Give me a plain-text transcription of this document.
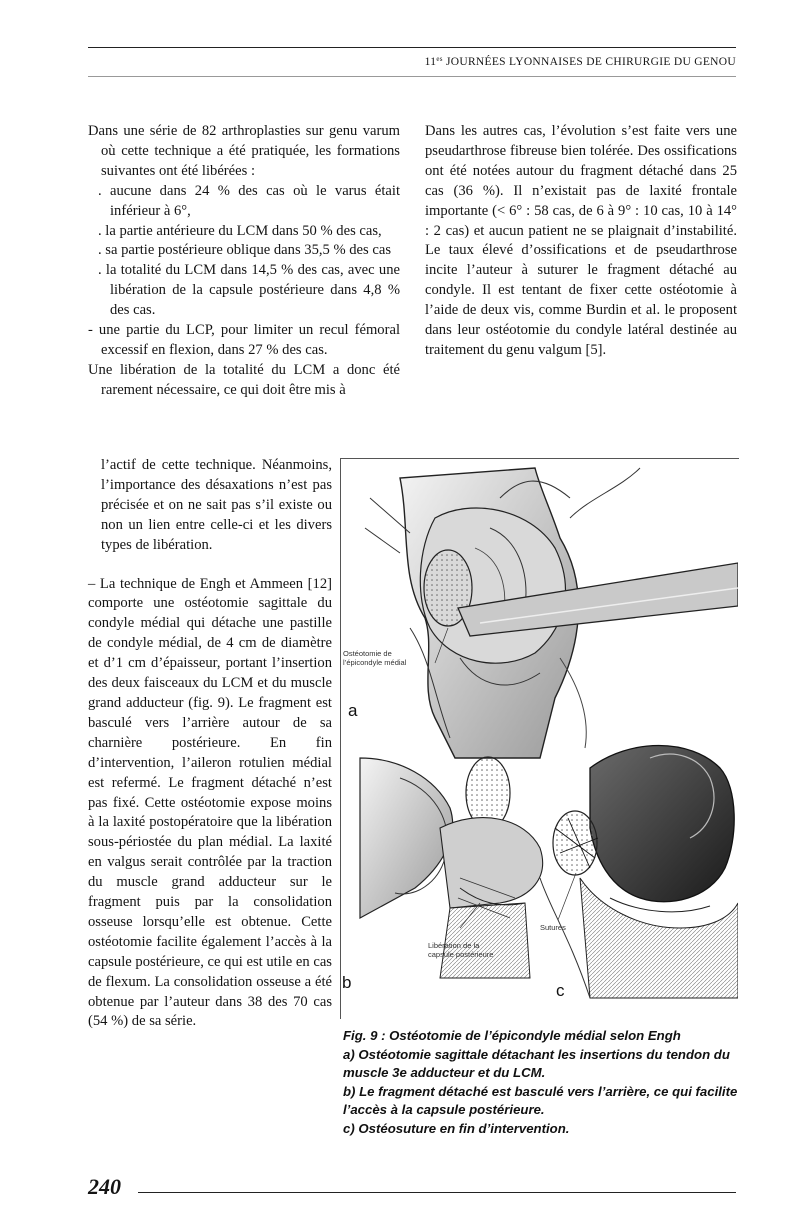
$11^{es}$ JOURNÉES LYONNAISES DE CHIRURGIE DU GENOU

Dans une série de 82 arthroplasties sur genu varum où cette technique a été pratiquée, les formations suivantes ont été libérées :

. aucune dans 24 % des cas où le varus était inférieur à 6°,

. la partie antérieure du LCM dans 50 % des cas,

. sa partie postérieure oblique dans 35,5 % des cas

. la totalité du LCM dans 14,5 % des cas, avec une libération de la capsule postérieure dans 4,8 % des cas.

- une partie du LCP, pour limiter un recul fémoral excessif en flexion, dans 27 % des cas.

Une libération de la totalité du LCM a donc été rarement nécessaire, ce qui doit être mis à

l’actif de cette technique. Néanmoins, l’importance des désaxations n’est pas précisée et on ne sait pas s’il existe ou non un lien entre celle-ci et les divers types de libération.

– La technique de Engh et Ammeen [12] comporte une ostéotomie sagittale du condyle médial qui détache une pastille de condyle médial, de 4 cm de diamètre et d’1 cm d’épaisseur, portant l’insertion des deux faisceaux du LCM et du muscle grand adducteur (fig. 9). Le fragment est basculé vers l’arrière autour de sa charnière postérieure. En fin d’intervention, l’aileron rotulien médial est refermé. Le fragment détaché n’est pas fixé. Cette ostéotomie expose moins à la laxité postopératoire que la libération sous-périostée du plan médial. La laxité en valgus serait contrôlée par la traction du muscle grand adducteur sur le fragment puis par la consolidation osseuse lorsqu’elle est obtenue. Cette ostéotomie facilite également l’accès à la capsule postérieure, ce qui est utile en cas de flexum. La consolidation osseuse a été obtenue par l’auteur dans 38 des 70 cas (54 %) de sa série.

Dans les autres cas, l’évolution s’est faite vers une pseudarthrose fibreuse bien tolérée. Des ossifications ont été notées autour du fragment détaché dans 25 cas (36 %). Il n’existait pas de laxité frontale importante (< 6° : 58 cas, de 6 à 9° : 10 cas, 10 à 14° : 2 cas) et aucun patient ne se plaignait d’instabilité. Le taux élevé d’ossifications et de pseudarthrose incite l’auteur à suturer le fragment détaché au condyle. Il est tentant de fixer cette ostéotomie à l’aide de deux vis, comme Burdin et al. le proposent dans leur ostéotomie du condyle latéral destinée au traitement du genu valgum [5].

Ostéotomie de
l’épicondyle médial
a
Libération de la
capsule postérieure
b
Sutures
c

Fig. 9 : Ostéotomie de l’épicondyle médial selon Engh

a) Ostéotomie sagittale détachant les insertions du tendon du muscle 3e adducteur et du LCM.

b) Le fragment détaché est basculé vers l’arrière, ce qui facilite l’accès à la capsule postérieure.

c) Ostéosuture en fin d’intervention.

240
